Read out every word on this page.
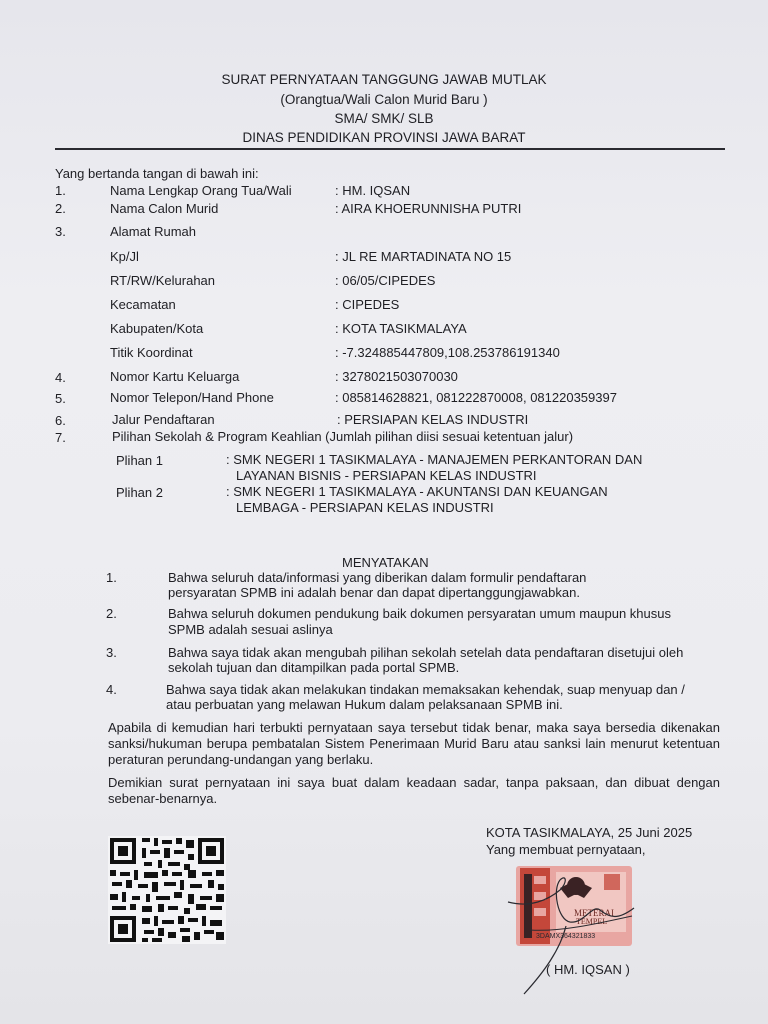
SURAT PERNYATAAN TANGGUNG JAWAB MUTLAK
(Orangtua/Wali Calon Murid Baru )
SMA/ SMK/ SLB
DINAS PENDIDIKAN PROVINSI JAWA BARAT
Yang bertanda tangan di bawah ini:
1.	Nama Lengkap Orang Tua/Wali	: HM. IQSAN
2.	Nama Calon Murid	: AIRA KHOERUNNISHA PUTRI
3.	Alamat Rumah
Kp/Jl	: JL RE MARTADINATA NO 15
RT/RW/Kelurahan	: 06/05/CIPEDES
Kecamatan	: CIPEDES
Kabupaten/Kota	: KOTA TASIKMALAYA
Titik Koordinat	: -7.324885447809,108.253786191340
4.	Nomor Kartu Keluarga	: 3278021503070030
5.	Nomor Telepon/Hand Phone	: 085814628821, 081222870008, 081220359397
6.	Jalur Pendaftaran	: PERSIAPAN KELAS INDUSTRI
7.	Pilihan Sekolah & Program Keahlian (Jumlah pilihan diisi sesuai ketentuan jalur)
Plihan 1	: SMK NEGERI 1 TASIKMALAYA - MANAJEMEN PERKANTORAN DAN
LAYANAN BISNIS - PERSIAPAN KELAS INDUSTRI
Plihan 2	: SMK NEGERI 1 TASIKMALAYA - AKUNTANSI DAN KEUANGAN
LEMBAGA - PERSIAPAN KELAS INDUSTRI
MENYATAKAN
1.	Bahwa seluruh data/informasi yang diberikan dalam formulir pendaftaran
persyaratan SPMB ini adalah benar dan dapat dipertanggungjawabkan.
2.	Bahwa seluruh dokumen pendukung baik dokumen persyaratan umum maupun khusus
SPMB adalah sesuai aslinya
3.	Bahwa saya tidak akan mengubah pilihan sekolah setelah data pendaftaran disetujui oleh
sekolah tujuan dan ditampilkan pada portal SPMB.
4.	Bahwa saya tidak akan melakukan tindakan memaksakan kehendak, suap menyuap dan /
atau perbuatan yang melawan Hukum dalam pelaksanaan SPMB ini.
Apabila di kemudian hari terbukti pernyataan saya tersebut tidak benar, maka saya bersedia dikenakan sanksi/hukuman berupa pembatalan Sistem Penerimaan Murid Baru atau sanksi lain menurut ketentuan peraturan perundang-undangan yang berlaku.
Demikian surat pernyataan ini saya buat dalam keadaan sadar, tanpa paksaan, dan dibuat dengan sebenar-benarnya.
KOTA TASIKMALAYA, 25 Juni 2025
Yang membuat pernyataan,
METERAI
TEMPEL
3DAMX364321833
( HM. IQSAN )
